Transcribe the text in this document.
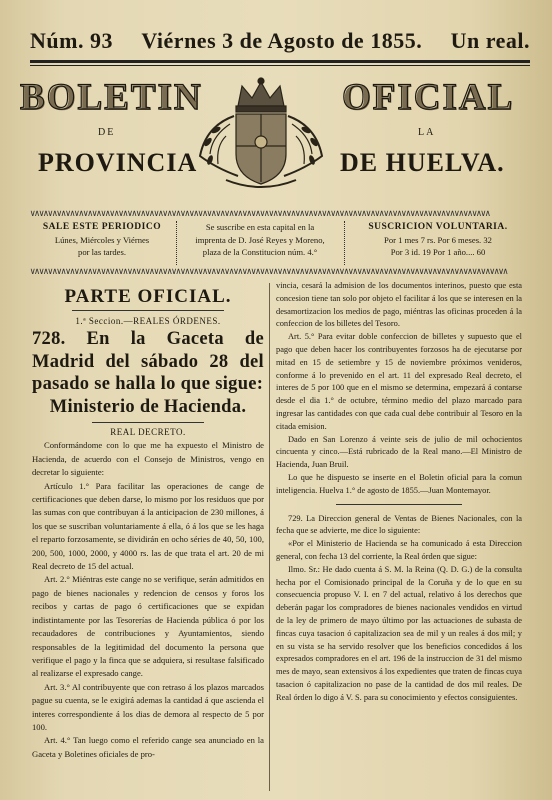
Núm. 93 Viérnes 3 de Agosto de 1855. Un real.
BOLETIN	OFICIAL
DE	LA
PROVINCIA	DE HUELVA.
∨∧∨∧∨∧∨∧∨∧∨∧∨∧∨∧∨∧∨∧∨∧∨∧∨∧∨∧∨∧∨∧∨∧∨∧∨∧∨∧∨∧∨∧∨∧∨∧∨∧∨∧∨∧∨∧∨∧∨∧∨∧∨∧∨∧∨∧∨∧∨∧∨∧∨∧∨∧∨∧∨∧∨∧∨∧∨∧∨∧∨∧∨∧∨∧∨∧∨∧∨∧∨∧
∨∧∨∧∨∧∨∧∨∧∨∧∨∧∨∧∨∧∨∧∨∧∨∧∨∧∨∧∨∧∨∧∨∧∨∧∨∧∨∧∨∧∨∧∨∧∨∧∨∧∨∧∨∧∨∧∨∧∨∧∨∧∨∧∨∧∨∧∨∧∨∧∨∧∨∧∨∧∨∧∨∧∨∧∨∧∨∧∨∧∨∧∨∧∨∧∨∧∨∧∨∧∨∧∨∧∨∧
SALE ESTE PERIODICO
Lúnes, Miércoles y Viérnes
por las tardes.
Se suscribe en esta capital en la
imprenta de D. José Reyes y Moreno,
plaza de la Constitucion núm. 4.°
SUSCRICION VOLUNTARIA.
Por 1 mes 7 rs. Por 6 meses. 32
Por 3 id. 19 Por 1 año.... 60

PARTE OFICIAL.

1.ª Seccion.—REALES ÓRDENES.

728. En la Gaceta de Madrid del sábado 28 del pasado se halla lo que sigue:

Ministerio de Hacienda.

REAL DECRETO.

Conformándome con lo que me ha expuesto el Ministro de Hacienda, de acuerdo con el Consejo de Ministros, vengo en decretar lo siguiente:

Artículo 1.° Para facilitar las operaciones de cange de certificaciones que deben darse, lo mismo por los residuos que por las sumas con que contribuyan á la anticipacion de 230 millones, á los que se suscriban voluntariamente á ella, ó á los que se les haga el reparto forzosamente, se dividirán en ocho séries de 40, 50, 100, 200, 500, 1000, 2000, y 4000 rs. las de que trata el art. 20 de mi Real decreto de 15 del actual.

Art. 2.° Miéntras este cange no se verifique, serán admitidos en pago de bienes nacionales y redencion de censos y foros los recibos y cartas de pago ó certificaciones que se expidan indistintamente por las Tesorerías de Hacienda pública ó por los recaudadores de contribuciones y Ayuntamientos, siendo responsables de la legitimidad del documento la persona que verifique el pago y la finca que se adquiera, si resultase falsificado al realizarse el expresado cange.

Art. 3.° Al contribuyente que con retraso á los plazos marcados pague su cuenta, se le exigirá ademas la cantidad á que ascienda el interes correspondiente á los dias de demora al respecto de 5 por 100.

Art. 4.° Tan luego como el referido cange sea anunciado en la Gaceta y Boletines oficiales de pro-

vincia, cesará la admision de los documentos interinos, puesto que esta concesion tiene tan solo por objeto el facilitar á los que se interesen en la desamortizacion los medios de pago, miéntras las oficinas proceden á la confeccion de los billetes del Tesoro.

Art. 5.° Para evitar doble confeccion de billetes y supuesto que el pago que deben hacer los contribuyentes forzosos ha de ejecutarse por mitad en 15 de setiembre y 15 de noviembre próximos venideros, conforme á lo prevenido en el art. 11 del expresado Real decreto, el interes de 5 por 100 que en el mismo se determina, empezará á contarse desde el dia 1.° de octubre, término medio del plazo marcado para ingresar las cantidades con que cada cual debe contribuir al Tesoro en la citada emision.

Dado en San Lorenzo á veinte seis de julio de mil ochocientos cincuenta y cinco.—Está rubricado de la Real mano.—El Ministro de Hacienda, Juan Bruil.

Lo que he dispuesto se inserte en el Boletin oficial para la comun inteligencia. Huelva 1.° de agosto de 1855.—Juan Montemayor.

729. La Direccion general de Ventas de Bienes Nacionales, con la fecha que se advierte, me dice lo siguiente:

«Por el Ministerio de Hacienda se ha comunicado á esta Direccion general, con fecha 13 del corriente, la Real órden que sigue:

Ilmo. Sr.: He dado cuenta á S. M. la Reina (Q. D. G.) de la consulta hecha por el Comisionado principal de la Coruña y de lo que en su consecuencia propuso V. I. en 7 del actual, relativo á los derechos que deberán pagar los compradores de bienes nacionales vendidos en virtud de la ley de primero de mayo último por las actuaciones de subasta de fincas cuya tasacion ó capitalizacion sea de mil y un reales á dos mil; y en su vista se ha servido resolver que los beneficios concedidos á los expresados compradores en el art. 196 de la instruccion de 31 del mismo mes de mayo, sean extensivos á los expedientes que traten de fincas cuya tasacion ó capitalizacion no pase de la cantidad de dos mil reales. De Real órden lo digo á V. S. para su conocimiento y efectos consiguientes.
